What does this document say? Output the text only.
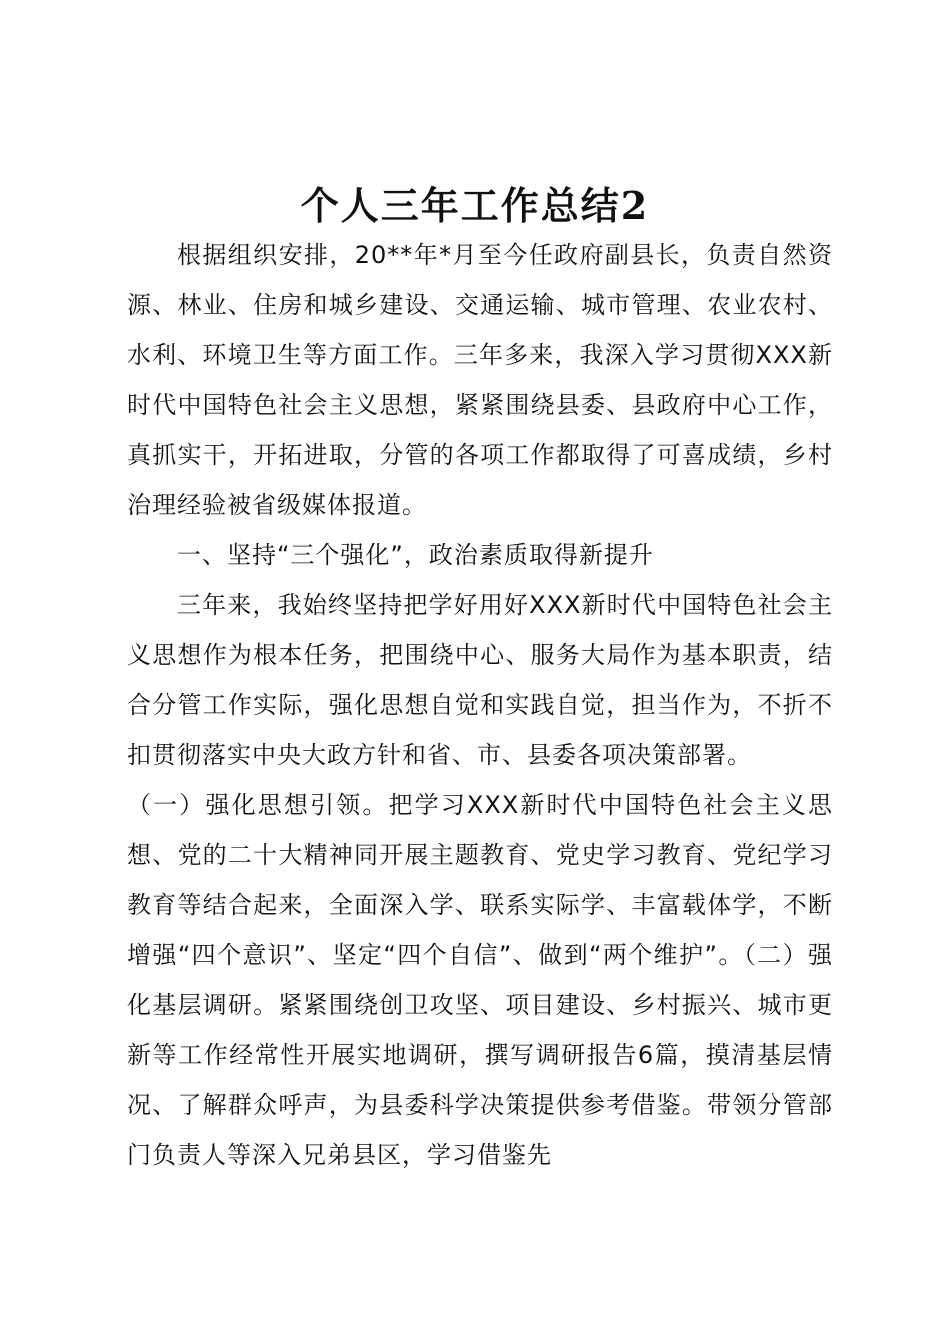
个人三年工作总结2

根据组织安排，20**年*月至今任政府副县长，负责自然资源、林业、住房和城乡建设、交通运输、城市管理、农业农村、水利、环境卫生等方面工作。三年多来，我深入学习贯彻XXX新时代中国特色社会主义思想，紧紧围绕县委、县政府中心工作，真抓实干，开拓进取，分管的各项工作都取得了可喜成绩，乡村治理经验被省级媒体报道。

一、坚持“三个强化”，政治素质取得新提升

三年来，我始终坚持把学好用好XXX新时代中国特色社会主义思想作为根本任务，把围绕中心、服务大局作为基本职责，结合分管工作实际，强化思想自觉和实践自觉，担当作为，不折不扣贯彻落实中央大政方针和省、市、县委各项决策部署。

（一）强化思想引领。把学习XXX新时代中国特色社会主义思想、党的二十大精神同开展主题教育、党史学习教育、党纪学习教育等结合起来，全面深入学、联系实际学、丰富载体学，不断增强“四个意识”、坚定“四个自信”、做到“两个维护”。（二）强化基层调研。紧紧围绕创卫攻坚、项目建设、乡村振兴、城市更新等工作经常性开展实地调研，撰写调研报告6篇，摸清基层情况、了解群众呼声，为县委科学决策提供参考借鉴。带领分管部门负责人等深入兄弟县区，学习借鉴先
